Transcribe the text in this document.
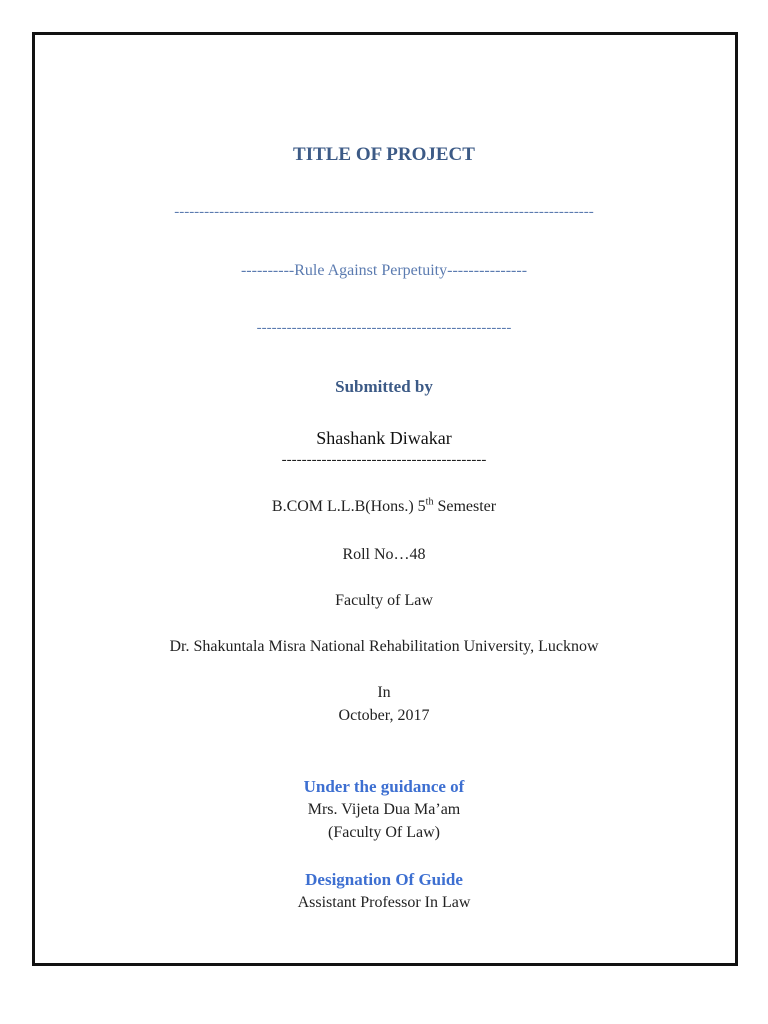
TITLE OF PROJECT
------------------------------------------------------------------------------------
----------Rule Against Perpetuity---------------
---------------------------------------------------
Submitted by
Shashank Diwakar
-----------------------------------------
B.COM L.L.B(Hons.) 5th Semester
Roll No…48
Faculty of Law
Dr. Shakuntala Misra National Rehabilitation University, Lucknow
In
October, 2017
Under the guidance of
Mrs. Vijeta Dua Ma’am
(Faculty Of Law)
Designation Of Guide
Assistant Professor In Law
